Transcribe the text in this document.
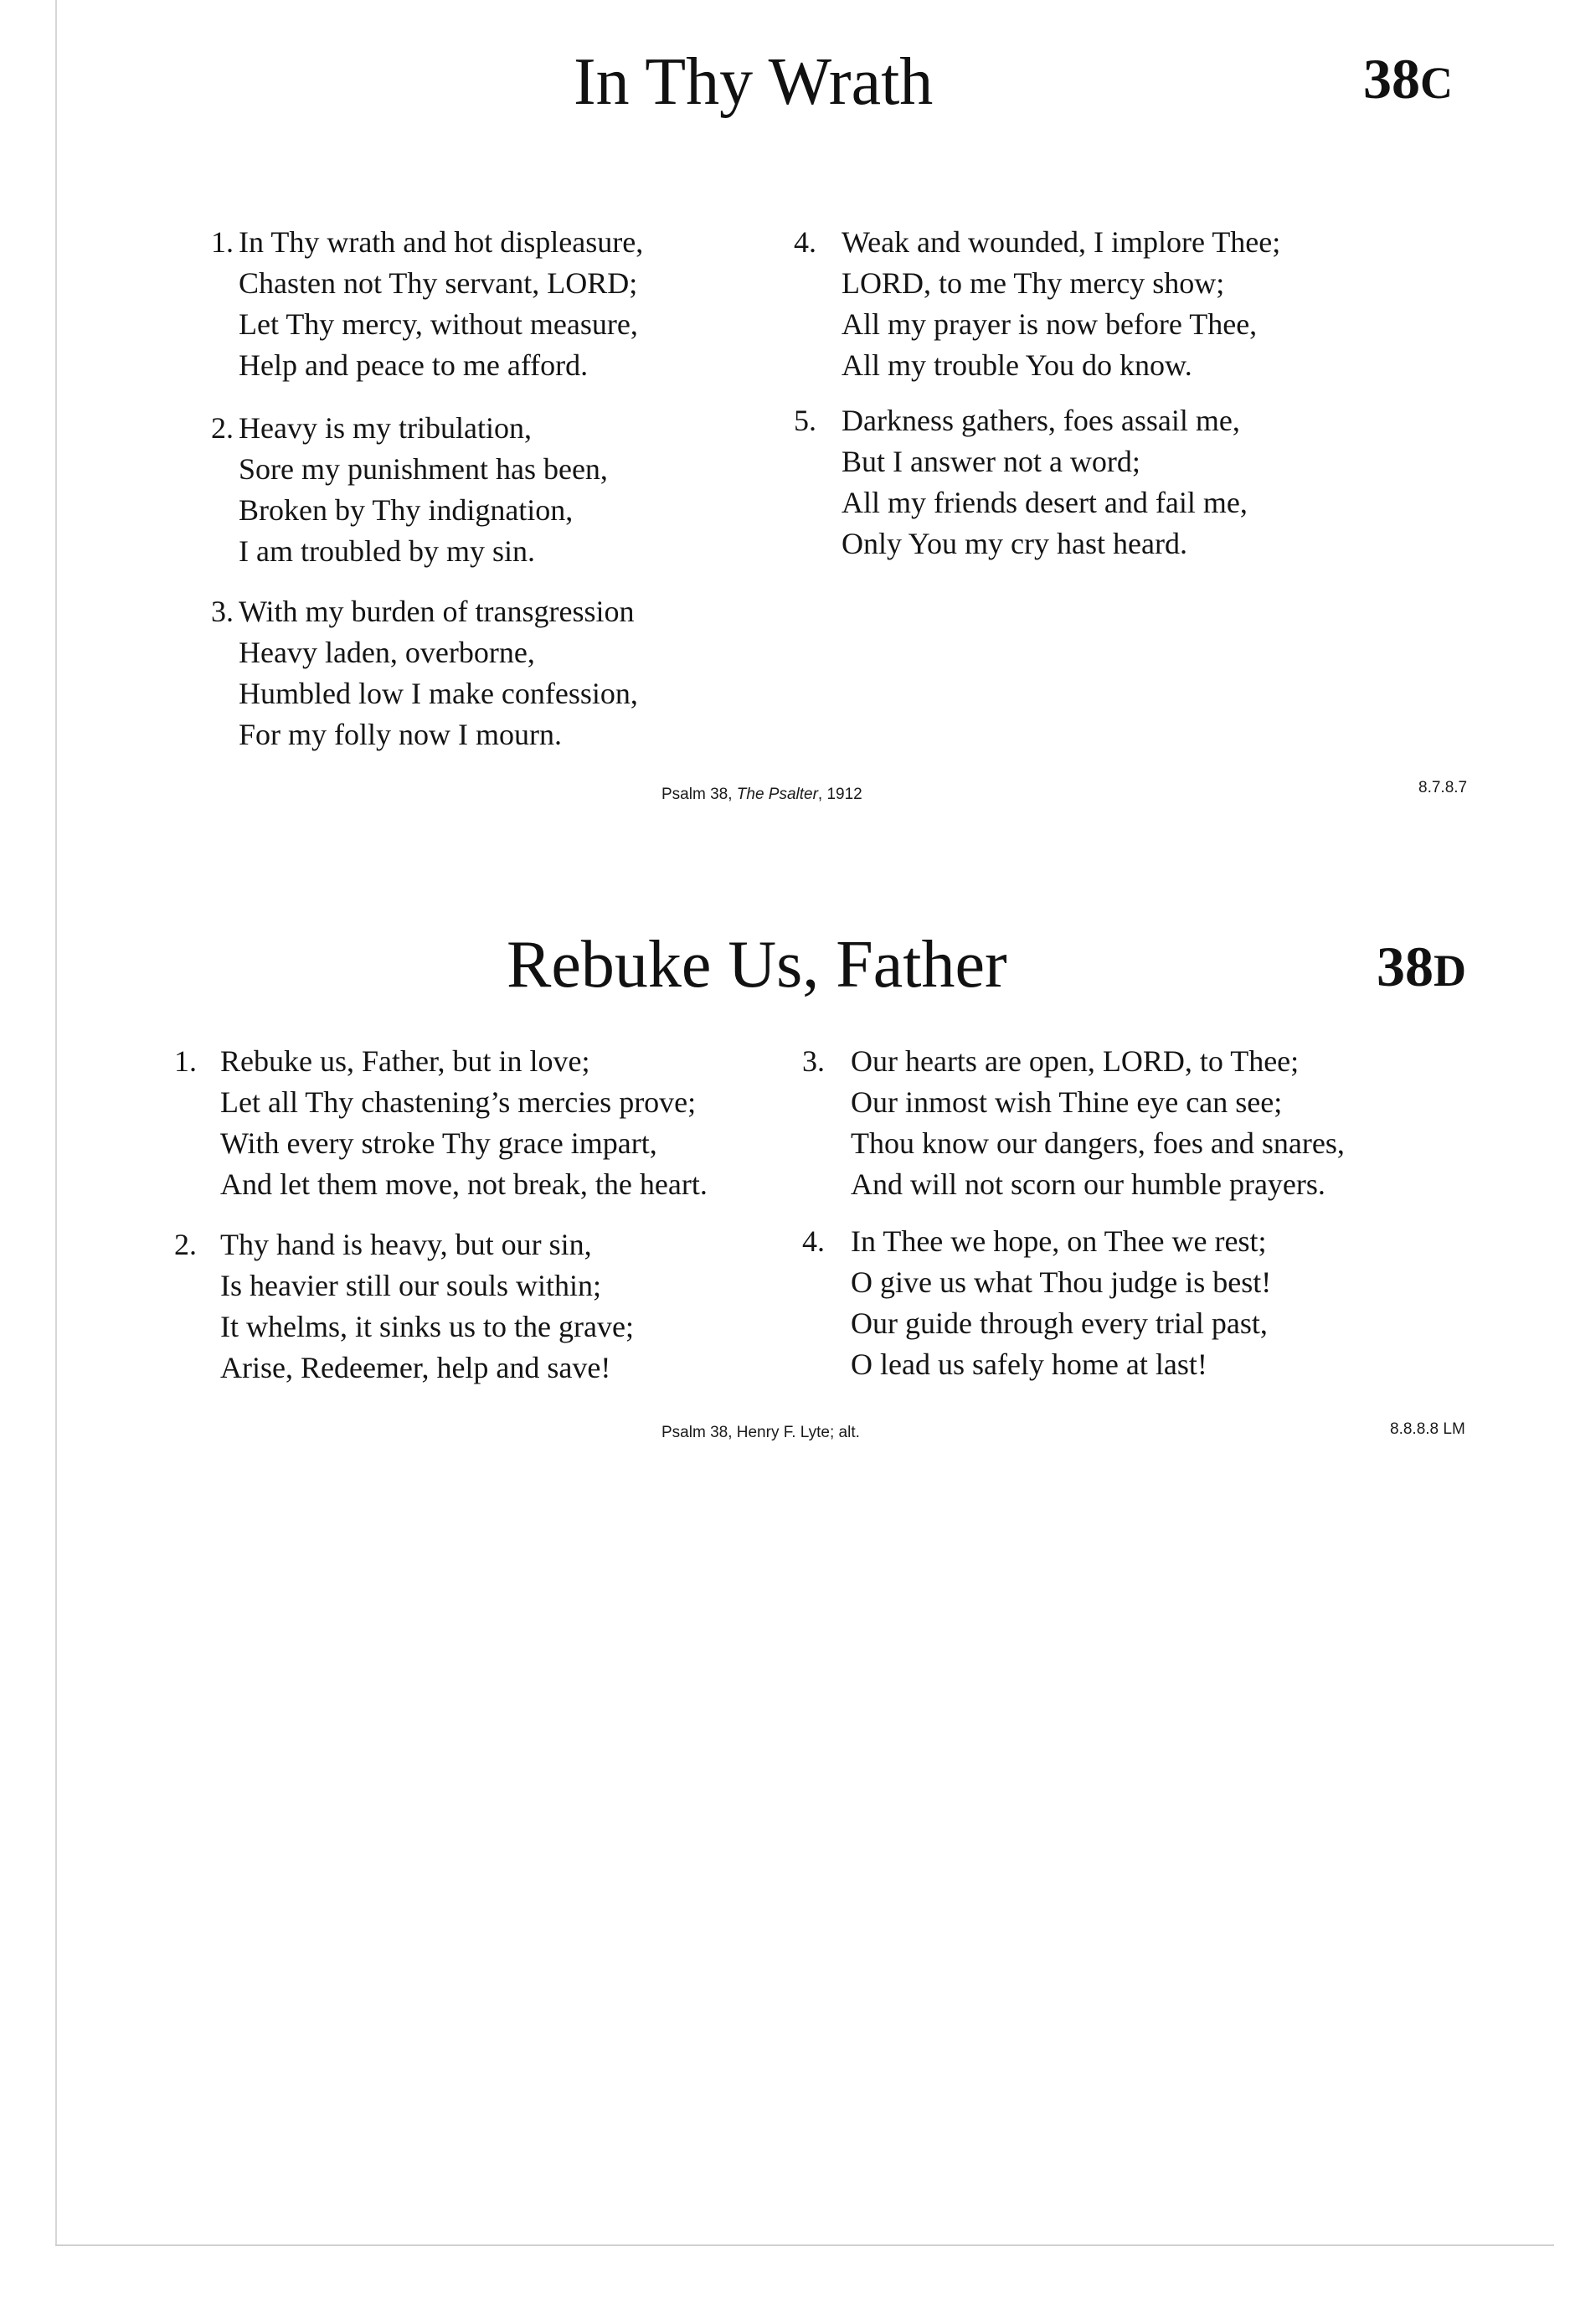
In Thy Wrath	38C
1. In Thy wrath and hot displeasure,
Chasten not Thy servant, LORD;
Let Thy mercy, without measure,
Help and peace to me afford.
2. Heavy is my tribulation,
Sore my punishment has been,
Broken by Thy indignation,
I am troubled by my sin.
3. With my burden of transgression
Heavy laden, overborne,
Humbled low I make confession,
For my folly now I mourn.
4. Weak and wounded, I implore Thee;
LORD, to me Thy mercy show;
All my prayer is now before Thee,
All my trouble You do know.
5. Darkness gathers, foes assail me,
But I answer not a word;
All my friends desert and fail me,
Only You my cry hast heard.
Psalm 38, The Psalter, 1912	8.7.8.7
Rebuke Us, Father	38D
1. Rebuke us, Father, but in love;
Let all Thy chastening’s mercies prove;
With every stroke Thy grace impart,
And let them move, not break, the heart.
2. Thy hand is heavy, but our sin,
Is heavier still our souls within;
It whelms, it sinks us to the grave;
Arise, Redeemer, help and save!
3. Our hearts are open, LORD, to Thee;
Our inmost wish Thine eye can see;
Thou know our dangers, foes and snares,
And will not scorn our humble prayers.
4. In Thee we hope, on Thee we rest;
O give us what Thou judge is best!
Our guide through every trial past,
O lead us safely home at last!
Psalm 38, Henry F. Lyte; alt.	8.8.8.8 LM
